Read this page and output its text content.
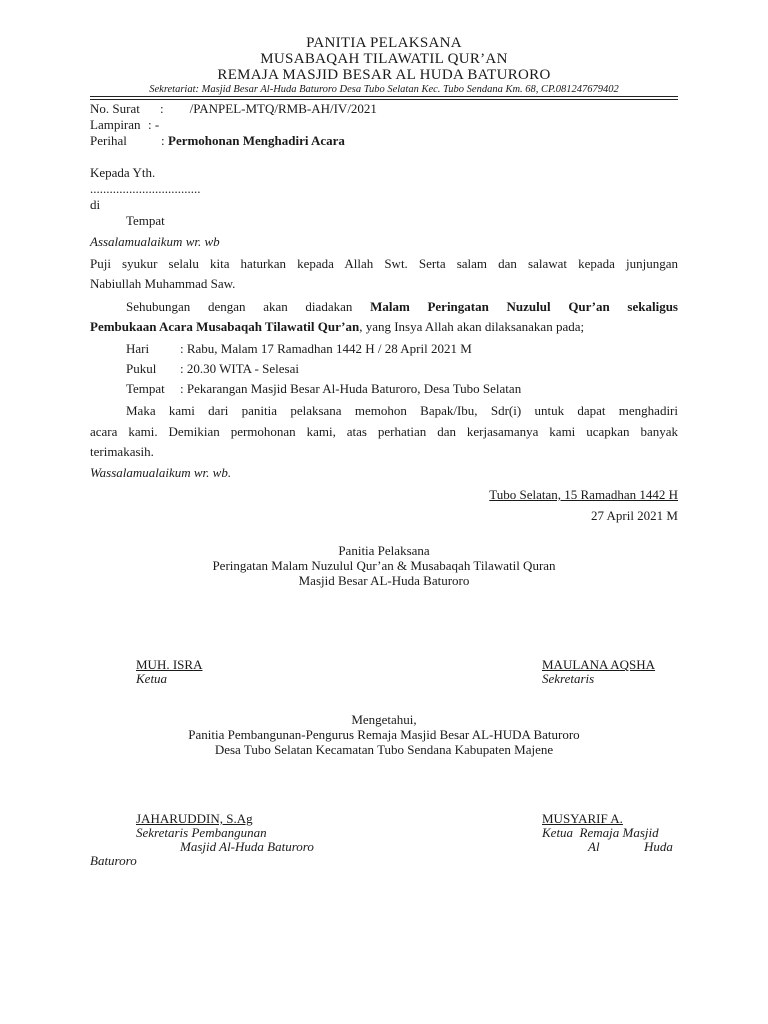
PANITIA PELAKSANA
MUSABAQAH TILAWATIL QUR’AN
REMAJA MASJID BESAR AL HUDA BATURORO
Sekretariat: Masjid Besar Al-Huda Baturoro Desa Tubo Selatan Kec. Tubo Sendana Km. 68, CP.081247679402
No. Surat :        /PANPEL-MTQ/RMB-AH/IV/2021
Lampiran : -
Perihal	: Permohonan Menghadiri Acara
Kepada Yth.
..................................
di
Tempat
Assalamualaikum wr. wb
Puji syukur selalu kita haturkan kepada Allah Swt. Serta salam dan salawat kepada junjungan
Nabiullah Muhammad Saw.
Sehubungan dengan akan diadakan Malam Peringatan Nuzulul Qur’an sekaligus
Pembukaan Acara Musabaqah Tilawatil Qur’an, yang Insya Allah akan dilaksanakan pada;
Hari : Rabu, Malam 17 Ramadhan 1442 H / 28 April 2021 M
Pukul : 20.30 WITA - Selesai
Tempat : Pekarangan Masjid Besar Al-Huda Baturoro, Desa Tubo Selatan
Maka kami dari panitia pelaksana memohon Bapak/Ibu, Sdr(i) untuk dapat menghadiri
acara kami. Demikian permohonan kami, atas perhatian dan kerjasamanya kami ucapkan banyak
terimakasih.
Wassalamualaikum wr. wb.
Tubo Selatan, 15 Ramadhan 1442 H
27 April 2021 M
Panitia Pelaksana
Peringatan Malam Nuzulul Qur’an & Musabaqah Tilawatil Quran
Masjid Besar AL-Huda Baturoro
MUH. ISRA
Ketua
MAULANA AQSHA
Sekretaris
Mengetahui,
Panitia Pembangunan-Pengurus Remaja Masjid Besar AL-HUDA Baturoro
Desa Tubo Selatan Kecamatan Tubo Sendana Kabupaten Majene
JAHARUDDIN, S.Ag
Sekretaris Pembangunan
Masjid Al-Huda Baturoro
MUSYARIF A.
Ketua  Remaja Masjid
Al	Huda
Baturoro
